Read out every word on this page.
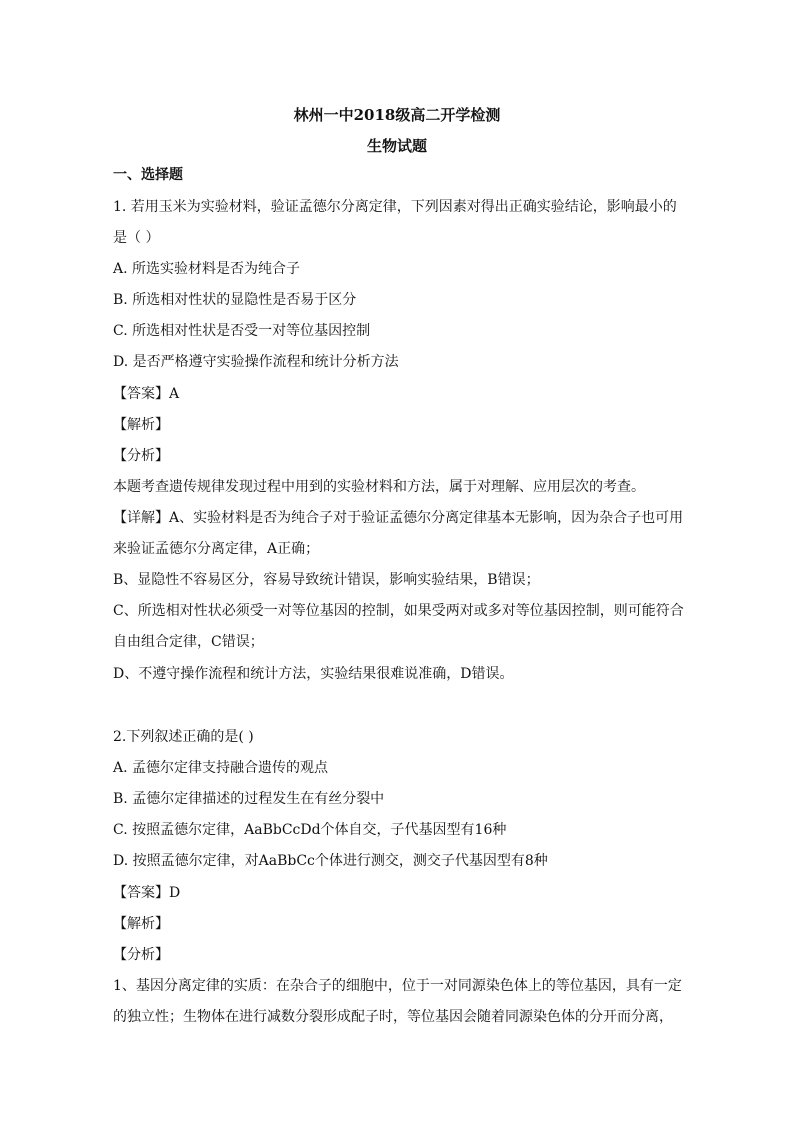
林州一中2018级高二开学检测
生物试题
一、选择题
1. 若用玉米为实验材料，验证孟德尔分离定律，下列因素对得出正确实验结论，影响最小的
是（ ）
A. 所选实验材料是否为纯合子
B. 所选相对性状的显隐性是否易于区分
C. 所选相对性状是否受一对等位基因控制
D. 是否严格遵守实验操作流程和统计分析方法
【答案】A
【解析】
【分析】
本题考查遗传规律发现过程中用到的实验材料和方法，属于对理解、应用层次的考查。
【详解】A、实验材料是否为纯合子对于验证孟德尔分离定律基本无影响，因为杂合子也可用
来验证孟德尔分离定律，A正确；
B、显隐性不容易区分，容易导致统计错误，影响实验结果，B错误；
C、所选相对性状必须受一对等位基因的控制，如果受两对或多对等位基因控制，则可能符合
自由组合定律，C错误；
D、不遵守操作流程和统计方法，实验结果很难说准确，D错误。
2.下列叙述正确的是( )
A. 孟德尔定律支持融合遗传的观点
B. 孟德尔定律描述的过程发生在有丝分裂中
C. 按照孟德尔定律，AaBbCcDd个体自交，子代基因型有16种
D. 按照孟德尔定律，对AaBbCc个体进行测交，测交子代基因型有8种
【答案】D
【解析】
【分析】
1、基因分离定律的实质：在杂合子的细胞中，位于一对同源染色体上的等位基因，具有一定
的独立性；生物体在进行减数分裂形成配子时，等位基因会随着同源染色体的分开而分离，
